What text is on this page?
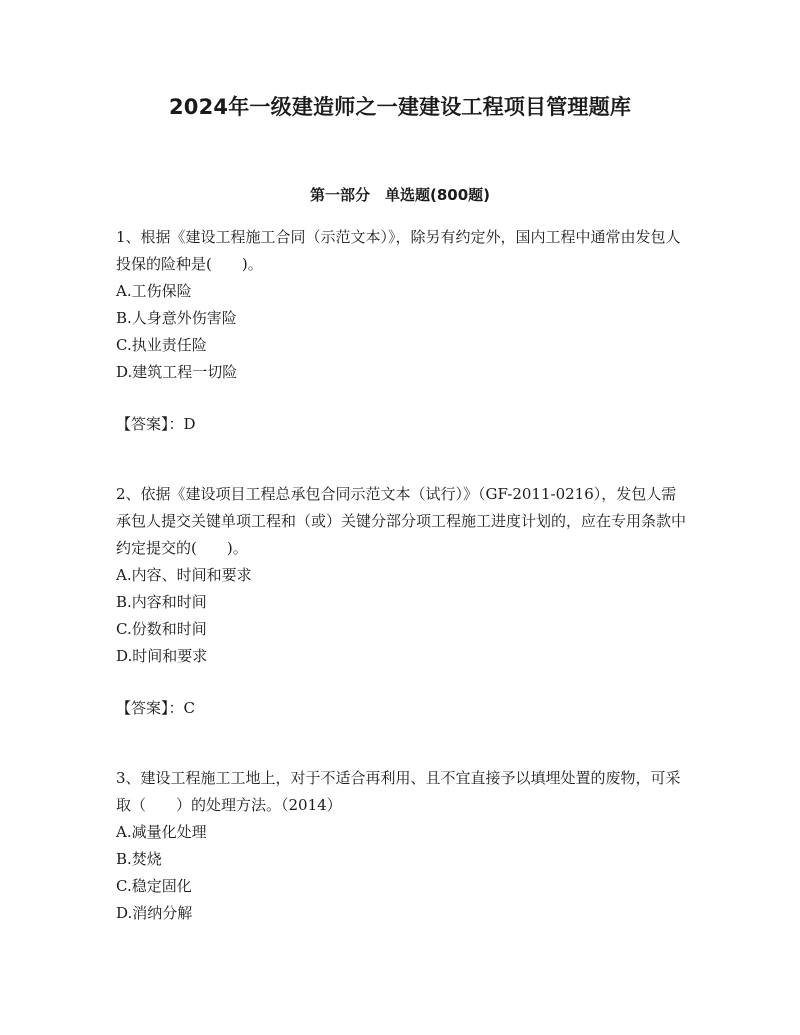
2024年一级建造师之一建建设工程项目管理题库
第一部分　单选题(800题)

1、根据《建设工程施工合同（示范文本）》，除另有约定外，国内工程中通常由发包人投保的险种是(　　)。

A.工伤保险
B.人身意外伤害险
C.执业责任险
D.建筑工程一切险
【答案】：D

2、依据《建设项目工程总承包合同示范文本（试行）》（GF-2011-0216），发包人需承包人提交关键单项工程和（或）关键分部分项工程施工进度计划的，应在专用条款中约定提交的(　　)。

A.内容、时间和要求
B.内容和时间
C.份数和时间
D.时间和要求
【答案】：C

3、建设工程施工工地上，对于不适合再利用、且不宜直接予以填埋处置的废物，可采取（　　）的处理方法。（2014）

A.减量化处理
B.焚烧
C.稳定固化
D.消纳分解
